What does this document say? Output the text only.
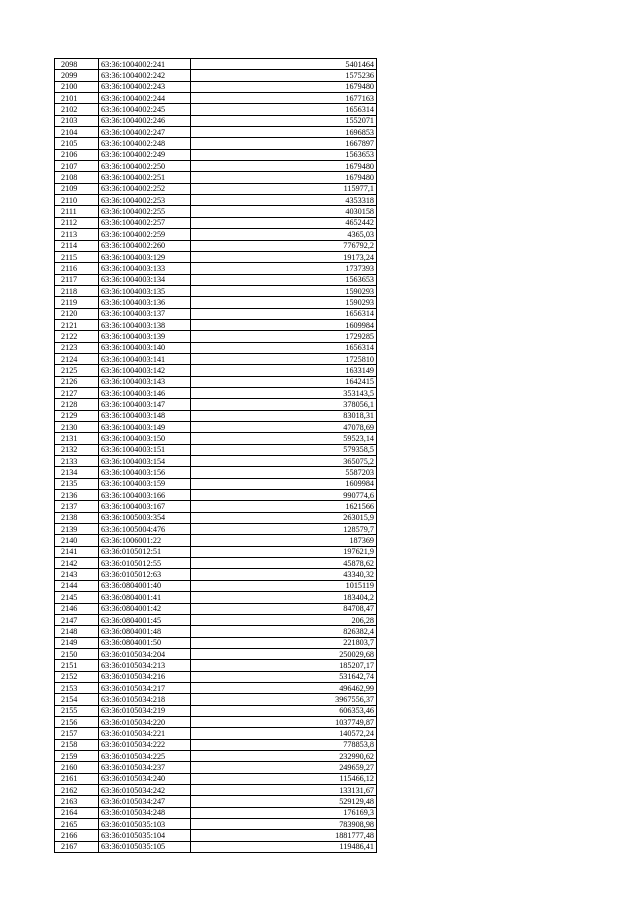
2098	63:36:1004002:241	5401464
2099	63:36:1004002:242	1575236
2100	63:36:1004002:243	1679480
2101	63:36:1004002:244	1677163
2102	63:36:1004002:245	1656314
2103	63:36:1004002:246	1552071
2104	63:36:1004002:247	1696853
2105	63:36:1004002:248	1667897
2106	63:36:1004002:249	1563653
2107	63:36:1004002:250	1679480
2108	63:36:1004002:251	1679480
2109	63:36:1004002:252	115977,1
2110	63:36:1004002:253	4353318
2111	63:36:1004002:255	4030158
2112	63:36:1004002:257	4652442
2113	63:36:1004002:259	4365,03
2114	63:36:1004002:260	776792,2
2115	63:36:1004003:129	19173,24
2116	63:36:1004003:133	1737393
2117	63:36:1004003:134	1563653
2118	63:36:1004003:135	1590293
2119	63:36:1004003:136	1590293
2120	63:36:1004003:137	1656314
2121	63:36:1004003:138	1609984
2122	63:36:1004003:139	1729285
2123	63:36:1004003:140	1656314
2124	63:36:1004003:141	1725810
2125	63:36:1004003:142	1633149
2126	63:36:1004003:143	1642415
2127	63:36:1004003:146	353143,5
2128	63:36:1004003:147	378056,1
2129	63:36:1004003:148	83018,31
2130	63:36:1004003:149	47078,69
2131	63:36:1004003:150	59523,14
2132	63:36:1004003:151	579358,5
2133	63:36:1004003:154	365075,2
2134	63:36:1004003:156	5587203
2135	63:36:1004003:159	1609984
2136	63:36:1004003:166	990774,6
2137	63:36:1004003:167	1621566
2138	63:36:1005003:354	263015,9
2139	63:36:1005004:476	128579,7
2140	63:36:1006001:22	187369
2141	63:36:0105012:51	197621,9
2142	63:36:0105012:55	45878,62
2143	63:36:0105012:63	43340,32
2144	63:36:0804001:40	1015119
2145	63:36:0804001:41	183404,2
2146	63:36:0804001:42	84708,47
2147	63:36:0804001:45	206,28
2148	63:36:0804001:48	826382,4
2149	63:36:0804001:50	221803,7
2150	63:36:0105034:204	250029,68
2151	63:36:0105034:213	185207,17
2152	63:36:0105034:216	531642,74
2153	63:36:0105034:217	496462,99
2154	63:36:0105034:218	3967556,37
2155	63:36:0105034:219	606353,46
2156	63:36:0105034:220	1037749,87
2157	63:36:0105034:221	140572,24
2158	63:36:0105034:222	778853,8
2159	63:36:0105034:225	232990,62
2160	63:36:0105034:237	249659,27
2161	63:36:0105034:240	115466,12
2162	63:36:0105034:242	133131,67
2163	63:36:0105034:247	529129,48
2164	63:36:0105034:248	176169,3
2165	63:36:0105035:103	783908,98
2166	63:36:0105035:104	1881777,48
2167	63:36:0105035:105	119486,41
